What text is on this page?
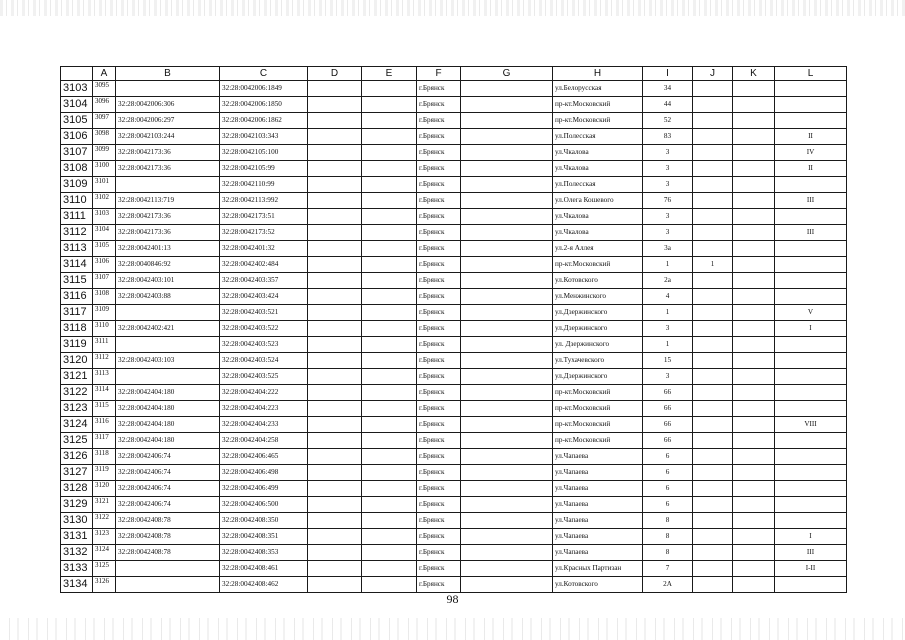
	A	B	C	D	E	F	G	H	I	J	K	L
3103	3095		32:28:0042006:1849			г.Брянск		ул.Белорусская	34			
3104	3096	32:28:0042006:306	32:28:0042006:1850			г.Брянск		пр-кт.Московский	44			
3105	3097	32:28:0042006:297	32:28:0042006:1862			г.Брянск		пр-кт.Московский	52			
3106	3098	32:28:0042103:244	32:28:0042103:343			г.Брянск		ул.Полесская	83			II
3107	3099	32:28:0042173:36	32:28:0042105:100			г.Брянск		ул.Чкалова	3			IV
3108	3100	32:28:0042173:36	32:28:0042105:99			г.Брянск		ул.Чкалова	3			II
3109	3101		32:28:0042110:99			г.Брянск		ул.Полесская	3			
3110	3102	32:28:0042113:719	32:28:0042113:992			г.Брянск		ул.Олега Кошевого	76			III
3111	3103	32:28:0042173:36	32:28:0042173:51			г.Брянск		ул.Чкалова	3			
3112	3104	32:28:0042173:36	32:28:0042173:52			г.Брянск		ул.Чкалова	3			III
3113	3105	32:28:0042401:13	32:28:0042401:32			г.Брянск		ул.2-я Аллея	3а			
3114	3106	32:28:0040846:92	32:28:0042402:484			г.Брянск		пр-кт.Московский	1	1		
3115	3107	32:28:0042403:101	32:28:0042403:357			г.Брянск		ул.Котовского	2а			
3116	3108	32:28:0042403:88	32:28:0042403:424			г.Брянск		ул.Менжинского	4			
3117	3109		32:28:0042403:521			г.Брянск		ул.Дзержинского	1			V
3118	3110	32:28:0042402:421	32:28:0042403:522			г.Брянск		ул.Дзержинского	3			I
3119	3111		32:28:0042403:523			г.Брянск		ул. Дзержинского	1			
3120	3112	32:28:0042403:103	32:28:0042403:524			г.Брянск		ул.Тухачевского	15			
3121	3113		32:28:0042403:525			г.Брянск		ул.Дзержинского	3			
3122	3114	32:28:0042404:180	32:28:0042404:222			г.Брянск		пр-кт.Московский	66			
3123	3115	32:28:0042404:180	32:28:0042404:223			г.Брянск		пр-кт.Московский	66			
3124	3116	32:28:0042404:180	32:28:0042404:233			г.Брянск		пр-кт.Московский	66			VIII
3125	3117	32:28:0042404:180	32:28:0042404:258			г.Брянск		пр-кт.Московский	66			
3126	3118	32:28:0042406:74	32:28:0042406:465			г.Брянск		ул.Чапаева	6			
3127	3119	32:28:0042406:74	32:28:0042406:498			г.Брянск		ул.Чапаева	6			
3128	3120	32:28:0042406:74	32:28:0042406:499			г.Брянск		ул.Чапаева	6			
3129	3121	32:28:0042406:74	32:28:0042406:500			г.Брянск		ул.Чапаева	6			
3130	3122	32:28:0042408:78	32:28:0042408:350			г.Брянск		ул.Чапаева	8			
3131	3123	32:28:0042408:78	32:28:0042408:351			г.Брянск		ул.Чапаева	8			I
3132	3124	32:28:0042408:78	32:28:0042408:353			г.Брянск		ул.Чапаева	8			III
3133	3125		32:28:0042408:461			г.Брянск		ул.Красных Партизан	7			I-II
3134	3126		32:28:0042408:462			г.Брянск		ул.Котовского	2А			
98
